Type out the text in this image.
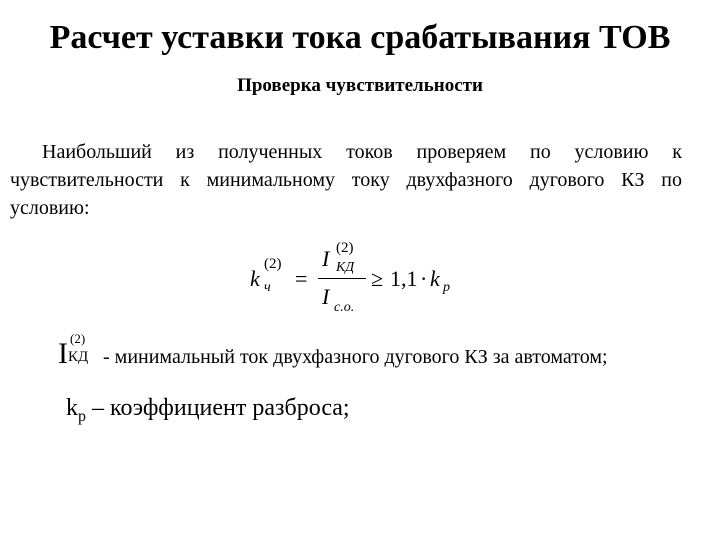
Расчет уставки тока срабатывания ТОВ
Проверка чувствительности
Наибольший из полученных токов проверяем по условию к чувствительности к минимальному току двухфазного дугового КЗ по условию:
k
(2)
ч =
I (2)
КД
I с.о.
≥ 1,1 · k р
I (2)
КД - минимальный ток двухфазного дугового КЗ за автоматом;
$k_р$ – коэффициент разброса;
